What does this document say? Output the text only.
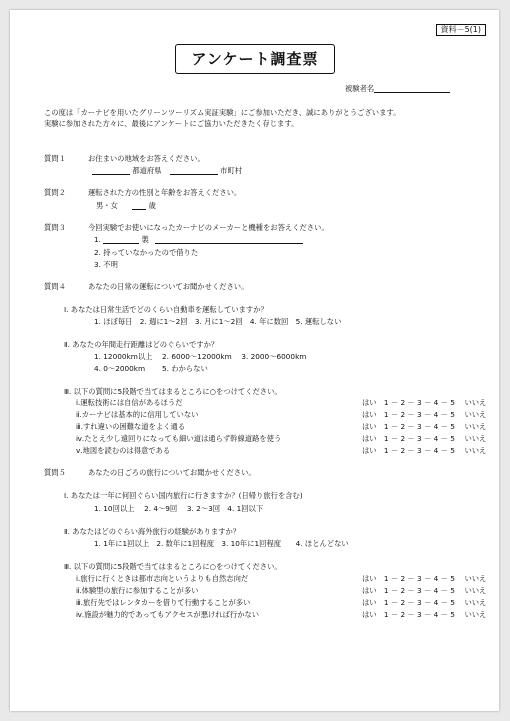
資料－5(1)
アンケート調査票
被験者名
この度は「カーナビを用いたグリーンツーリズム実証実験」にご参加いただき、誠にありがとうございます。
実験に参加された方々に、最後にアンケートにご協力いただきたく存じます。
質問１	お住まいの地域をお答えください。
都道府県	市町村
質問２	運転された方の性別と年齢をお答えください。
男・女	歳
質問３	今回実験でお使いになったカーナビのメーカーと機種をお答えください。
1.	製
2. 持っていなかったので借りた
3. 不明
質問４	あなたの日常の運転についてお聞かせください。
Ⅰ. あなたは日常生活でどのくらい自動車を運転していますか？
1. ほぼ毎日　2. 週に1～2回　3. 月に1～2回　4. 年に数回　5. 運転しない
Ⅱ. あなたの年間走行距離はどのぐらいですか？
1. 12000km以上　 2. 6000～12000km　 3. 2000～6000km
4. 0～2000km　　 5. わからない
Ⅲ. 以下の質問に5段階で当てはまるところに○をつけてください。
ⅰ.運転技術には自信があるほうだ	はい　1 － 2 － 3 － 4 － 5　 いいえ
ⅱ.カーナビは基本的に信用していない	はい　1 － 2 － 3 － 4 － 5　 いいえ
ⅲ.すれ違いの困難な道をよく通る	はい　1 － 2 － 3 － 4 － 5　 いいえ
ⅳ.たとえ少し遠回りになっても細い道は通らず幹線道路を使う	はい　1 － 2 － 3 － 4 － 5　 いいえ
ⅴ.地図を読むのは得意である	はい　1 － 2 － 3 － 4 － 5　 いいえ
質問５	あなたの日ごろの旅行についてお聞かせください。
Ⅰ. あなたは一年に何回ぐらい国内旅行に行きますか？(日帰り旅行を含む)
1. 10回以上　 2. 4～9回　 3. 2～3回　4. 1回以下
Ⅱ. あなたはどのぐらい海外旅行の経験がありますか？
1. 1年に1回以上　2. 数年に1回程度　3. 10年に1回程度　　4. ほとんどない
Ⅲ. 以下の質問に5段階で当てはまるところに○をつけてください。
ⅰ.旅行に行くときは都市志向というよりも自然志向だ	はい　1 － 2 － 3 － 4 － 5　 いいえ
ⅱ.体験型の旅行に参加することが多い	はい　1 － 2 － 3 － 4 － 5　 いいえ
ⅲ.旅行先ではレンタカーを借りて行動することが多い	はい　1 － 2 － 3 － 4 － 5　 いいえ
ⅳ.施設が魅力的であってもアクセスが悪ければ行かない	はい　1 － 2 － 3 － 4 － 5　 いいえ
